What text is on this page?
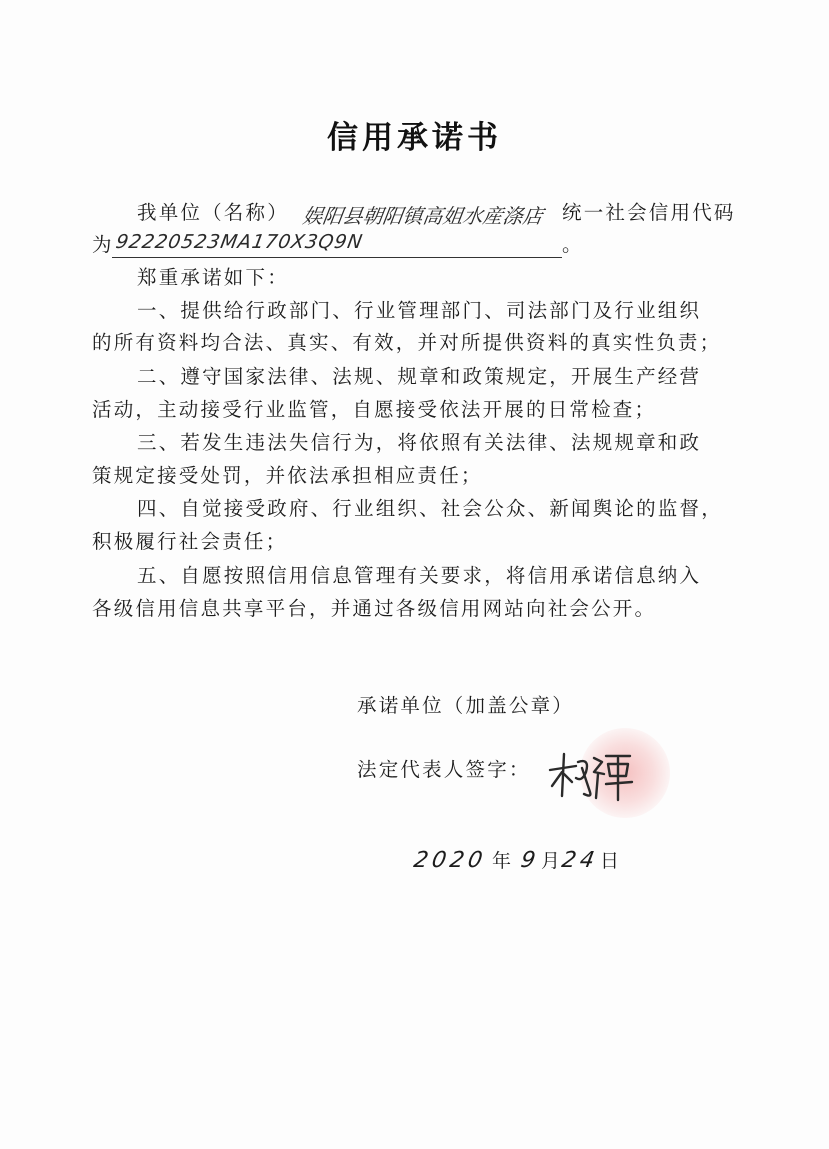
信用承诺书
我单位（名称） 娱阳县朝阳镇高姐水産涤店 统一社会信用代码
为 92220523MA170X3Q9N	。
郑重承诺如下：
一、提供给行政部门、行业管理部门、司法部门及行业组织
的所有资料均合法、真实、有效，并对所提供资料的真实性负责；
二、遵守国家法律、法规、规章和政策规定，开展生产经营
活动，主动接受行业监管，自愿接受依法开展的日常检查；
三、若发生违法失信行为，将依照有关法律、法规规章和政
策规定接受处罚，并依法承担相应责任；
四、自觉接受政府、行业组织、社会公众、新闻舆论的监督，
积极履行社会责任；
五、自愿按照信用信息管理有关要求，将信用承诺信息纳入
各级信用信息共享平台，并通过各级信用网站向社会公开。
承诺单位（加盖公章）
法定代表人签字：
2020 年 9月24日
